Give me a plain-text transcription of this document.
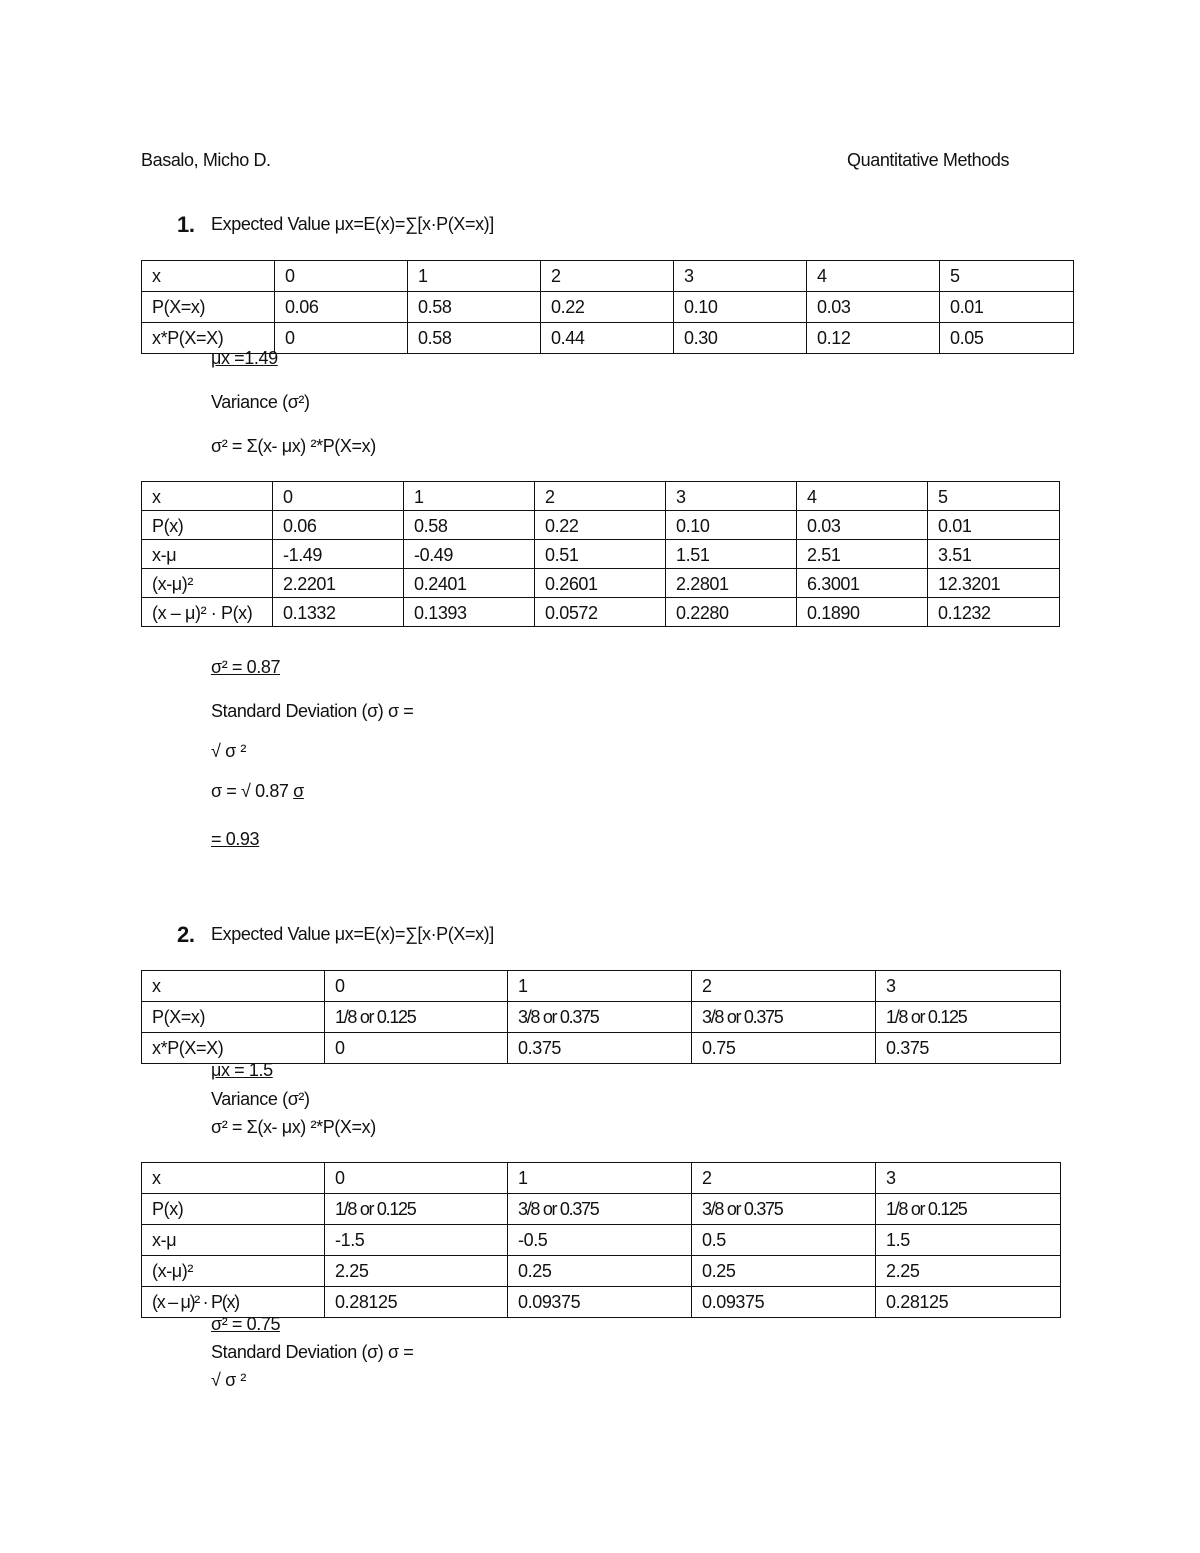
Basalo, Micho D.	Quantitative Methods
1. Expected Value μx=E(x)=∑[x·P(X=x)]
x	0	1	2	3	4	5
P(X=x)	0.06	0.58	0.22	0.10	0.03	0.01
x*P(X=X)	0	0.58	0.44	0.30	0.12	0.05
μx =1.49
Variance (σ²)
σ² = Σ(x- μx) ²*P(X=x)
x	0	1	2	3	4	5
P(x)	0.06	0.58	0.22	0.10	0.03	0.01
x-μ	-1.49	-0.49	0.51	1.51	2.51	3.51
(x-μ)²	2.2201	0.2401	0.2601	2.2801	6.3001	12.3201
(x – μ)² · P(x)	0.1332	0.1393	0.0572	0.2280	0.1890	0.1232
σ² = 0.87
Standard Deviation (σ) σ =
√ σ ²
σ = √ 0.87 σ
= 0.93
2. Expected Value μx=E(x)=∑[x·P(X=x)]
x	0	1	2	3
P(X=x)	1/8 or 0.125	3/8 or 0.375	3/8 or 0.375	1/8 or 0.125
x*P(X=X)	0	0.375	0.75	0.375
μx = 1.5
Variance (σ²)
σ² = Σ(x- μx) ²*P(X=x)
x	0	1	2	3
P(x)	1/8 or 0.125	3/8 or 0.375	3/8 or 0.375	1/8 or 0.125
x-μ	-1.5	-0.5	0.5	1.5
(x-μ)²	2.25	0.25	0.25	2.25
(x – μ)² · P(x)	0.28125	0.09375	0.09375	0.28125
σ² = 0.75
Standard Deviation (σ) σ =
√ σ ²
